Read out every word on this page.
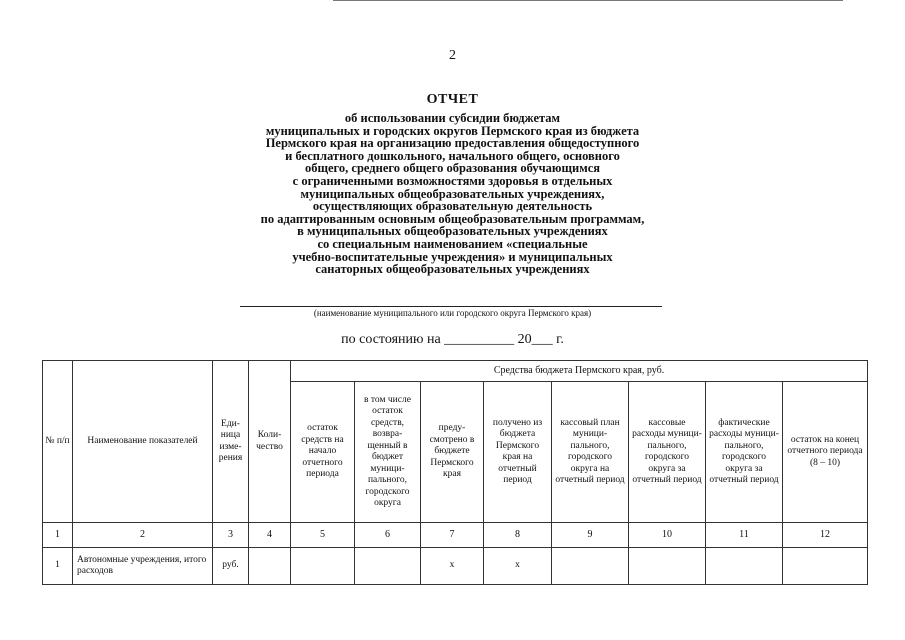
2
ОТЧЕТ
об использовании субсидии бюджетам
муниципальных и городских округов Пермского края из бюджета
Пермского края на организацию предоставления общедоступного
и бесплатного дошкольного, начального общего, основного
общего, среднего общего образования обучающимся
с ограниченными возможностями здоровья в отдельных
муниципальных общеобразовательных учреждениях,
осуществляющих образовательную деятельность
по адаптированным основным общеобразовательным программам,
в муниципальных общеобразовательных учреждениях
со специальным наименованием «специальные
учебно-воспитательные учреждения» и муниципальных
санаторных общеобразовательных учреждениях
(наименование муниципального или городского округа Пермского края)
по состоянию на __________ 20___ г.
№ п/п	Наименование показателей	Еди-ница изме-рения	Коли-чество	Средства бюджета Пермского края, руб.							
				остаток средств на начало отчетного периода	в том числе остаток средств, возвра-щенный в бюджет муници-пального, городского округа	преду-смотрено в бюджете Пермского края	получено из бюджета Пермского края на отчетный период	кассовый план муници-пального, городского округа на отчетный период	кассовые расходы муници-пального, городского округа за отчетный период	фактические расходы муници-пального, городского округа за отчетный период	остаток на конец отчетного периода (8 – 10)
1	2	3	4	5	6	7	8	9	10	11	12
1	Автономные учреждения, итого расходов	руб.				x	x				
